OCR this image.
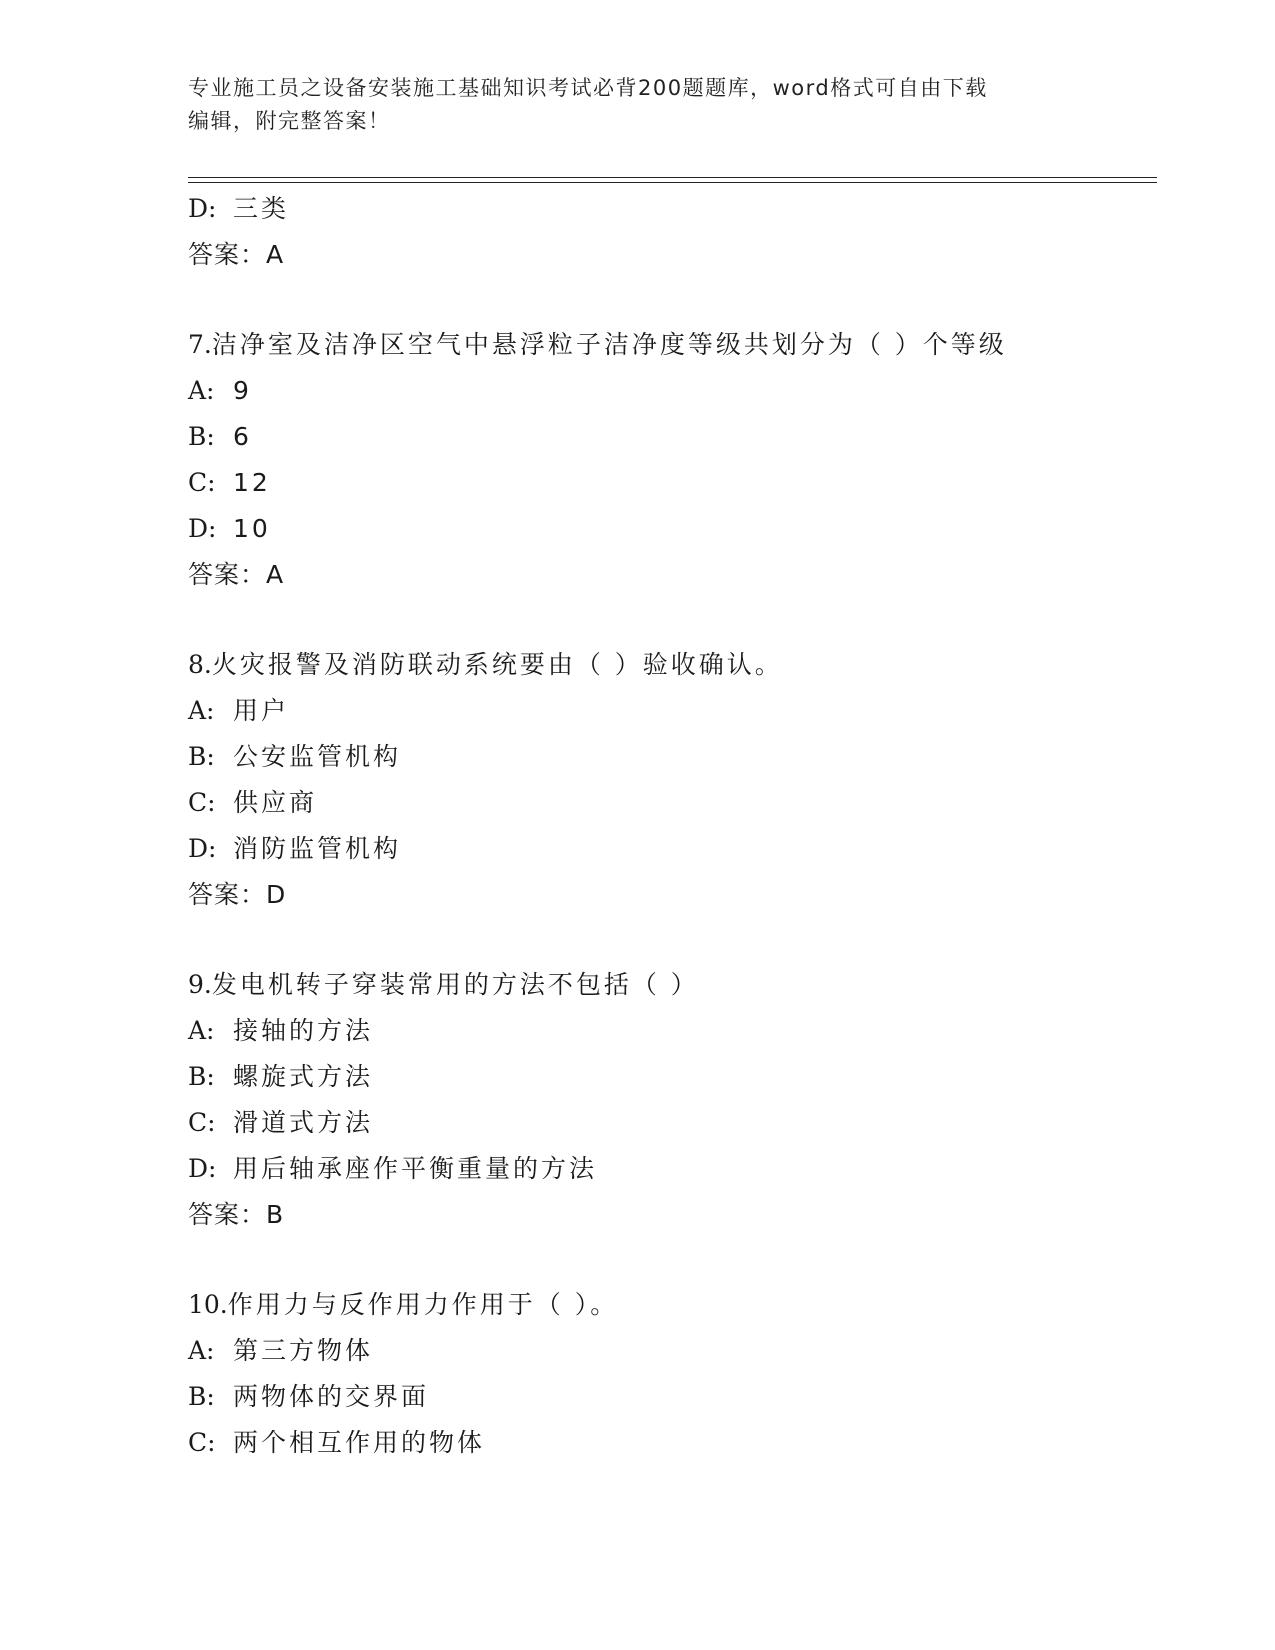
专业施工员之设备安装施工基础知识考试必背200题题库，word格式可自由下载
编辑，附完整答案！
D: 三类
答案：A
7.洁净室及洁净区空气中悬浮粒子洁净度等级共划分为（ ）个等级
A: 9
B: 6
C: 12
D: 10
答案：A
8.火灾报警及消防联动系统要由（ ）验收确认。
A: 用户
B: 公安监管机构
C: 供应商
D: 消防监管机构
答案：D
9.发电机转子穿装常用的方法不包括（ ）
A: 接轴的方法
B: 螺旋式方法
C: 滑道式方法
D: 用后轴承座作平衡重量的方法
答案：B
10.作用力与反作用力作用于（ ）。
A: 第三方物体
B: 两物体的交界面
C: 两个相互作用的物体
